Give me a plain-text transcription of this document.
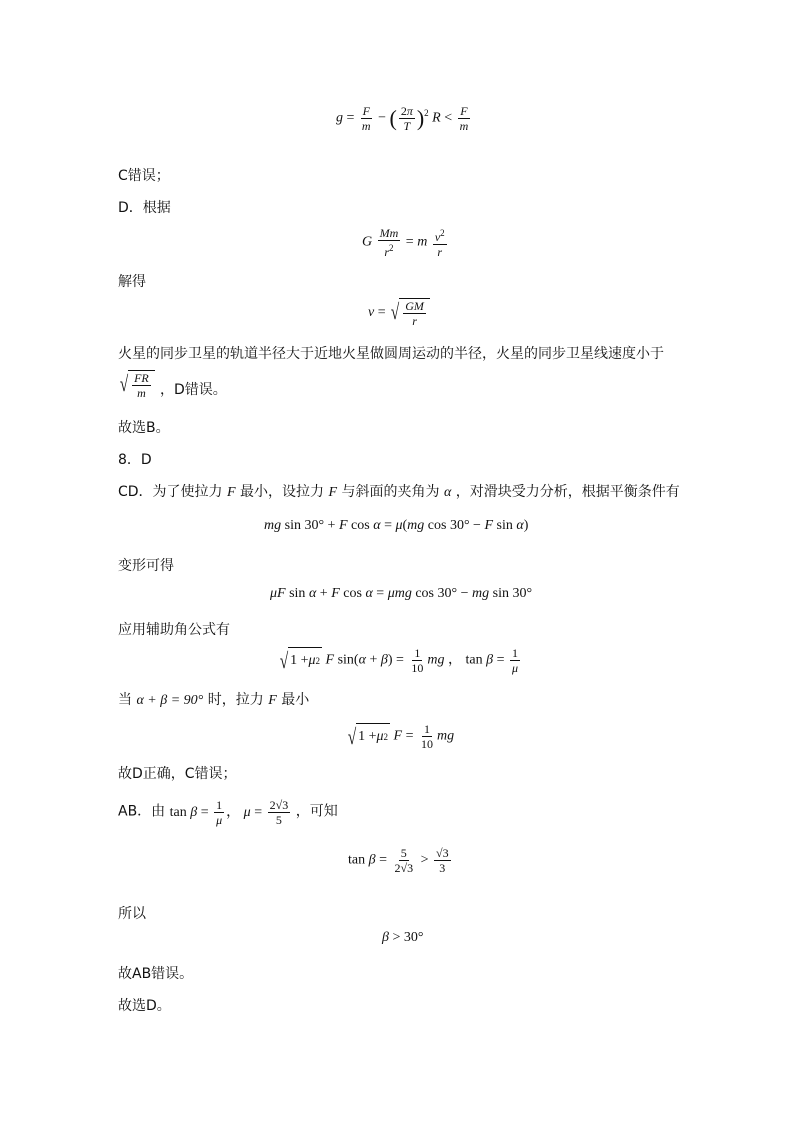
$g = \frac{F}{m}$ − ( $\frac{2\pi}{T} )^2$ $R < \frac{F}{m}$
C错误；
D．根据
G $\frac{Mm}{r^2} = m \frac{v^2}{r}$
解得
v = √ $\frac{GM}{r}$
火星的同步卫星的轨道半径大于近地火星做圆周运动的半径，火星的同步卫星线速度小于
√ $\frac{FR}{m}$ ，D错误。
故选B。
8．D
CD．为了使拉力 F 最小，设拉力 F 与斜面的夹角为 α ，对滑块受力分析，根据平衡条件有
mg sin 30° + F cos α = μ(mg cos 30° − F sin α)
变形可得
μF sin α + F cos α = μmg cos 30° − mg sin 30°
应用辅助角公式有
√ 1 + μ 2 F $\sin(\alpha + \beta) = \frac{1}{10}$ mg ， $\tan \beta = \frac{1}{\mu}$
当 α + β = 90° 时，拉力 F 最小
√ 1 + μ 2 $F = \frac{1}{10}$ mg
故D正确，C错误；
AB．由 $\tan \beta = \frac{1}{\mu}$ ， $\mu = \frac{2√3}{5}$ ，可知
$\tan \beta = \frac{5}{2√3} > \frac{√3}{3}$
所以
β > 30°
故AB错误。
故选D。
